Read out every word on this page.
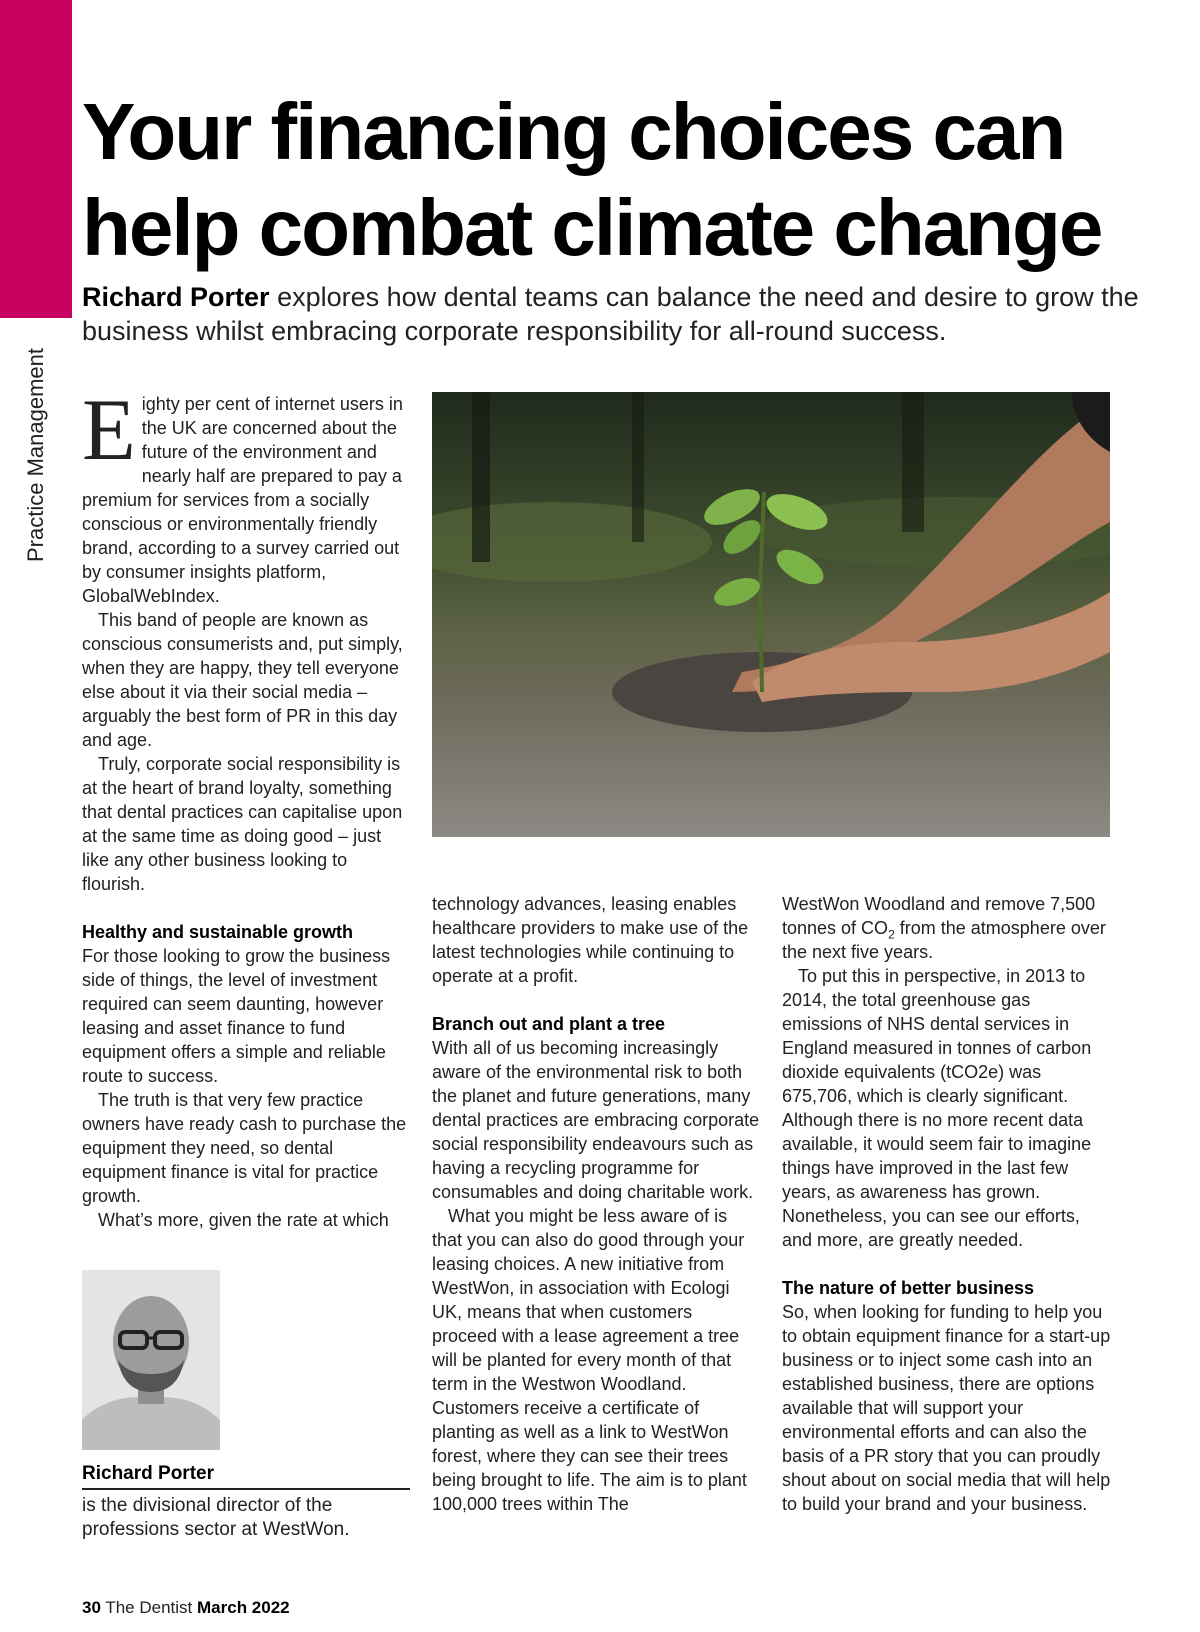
Practice Management
Your financing choices can help combat climate change
Richard Porter explores how dental teams can balance the need and desire to grow the business whilst embracing corporate responsibility for all-round success.

Eighty per cent of internet users in the UK are concerned about the future of the environment and nearly half are prepared to pay a premium for services from a socially conscious or environmentally friendly brand, according to a survey carried out by consumer insights platform, GlobalWebIndex.

This band of people are known as conscious consumerists and, put simply, when they are happy, they tell everyone else about it via their social media – arguably the best form of PR in this day and age.

Truly, corporate social responsibility is at the heart of brand loyalty, something that dental practices can capitalise upon at the same time as doing good – just like any other business looking to flourish.

Healthy and sustainable growth

For those looking to grow the business side of things, the level of investment required can seem daunting, however leasing and asset finance to fund equipment offers a simple and reliable route to success.

The truth is that very few practice owners have ready cash to purchase the equipment they need, so dental equipment finance is vital for practice growth.

What’s more, given the rate at which

technology advances, leasing enables healthcare providers to make use of the latest technologies while continuing to operate at a profit.

Branch out and plant a tree

With all of us becoming increasingly aware of the environmental risk to both the planet and future generations, many dental practices are embracing corporate social responsibility endeavours such as having a recycling programme for consumables and doing charitable work.

What you might be less aware of is that you can also do good through your leasing choices. A new initiative from WestWon, in association with Ecologi UK, means that when customers proceed with a lease agreement a tree will be planted for every month of that term in the Westwon Woodland. Customers receive a certificate of planting as well as a link to WestWon forest, where they can see their trees being brought to life. The aim is to plant 100,000 trees within The

WestWon Woodland and remove 7,500 tonnes of $CO_2$ from the atmosphere over the next five years.

To put this in perspective, in 2013 to 2014, the total greenhouse gas emissions of NHS dental services in England measured in tonnes of carbon dioxide equivalents (tCO2e) was 675,706, which is clearly significant. Although there is no more recent data available, it would seem fair to imagine things have improved in the last few years, as awareness has grown. Nonetheless, you can see our efforts, and more, are greatly needed.

The nature of better business

So, when looking for funding to help you to obtain equipment finance for a start-up business or to inject some cash into an established business, there are options available that will support your environmental efforts and can also the basis of a PR story that you can proudly shout about on social media that will help to build your brand and your business.

Richard Porter
is the divisional director of the professions sector at WestWon.
30 The Dentist March 2022
